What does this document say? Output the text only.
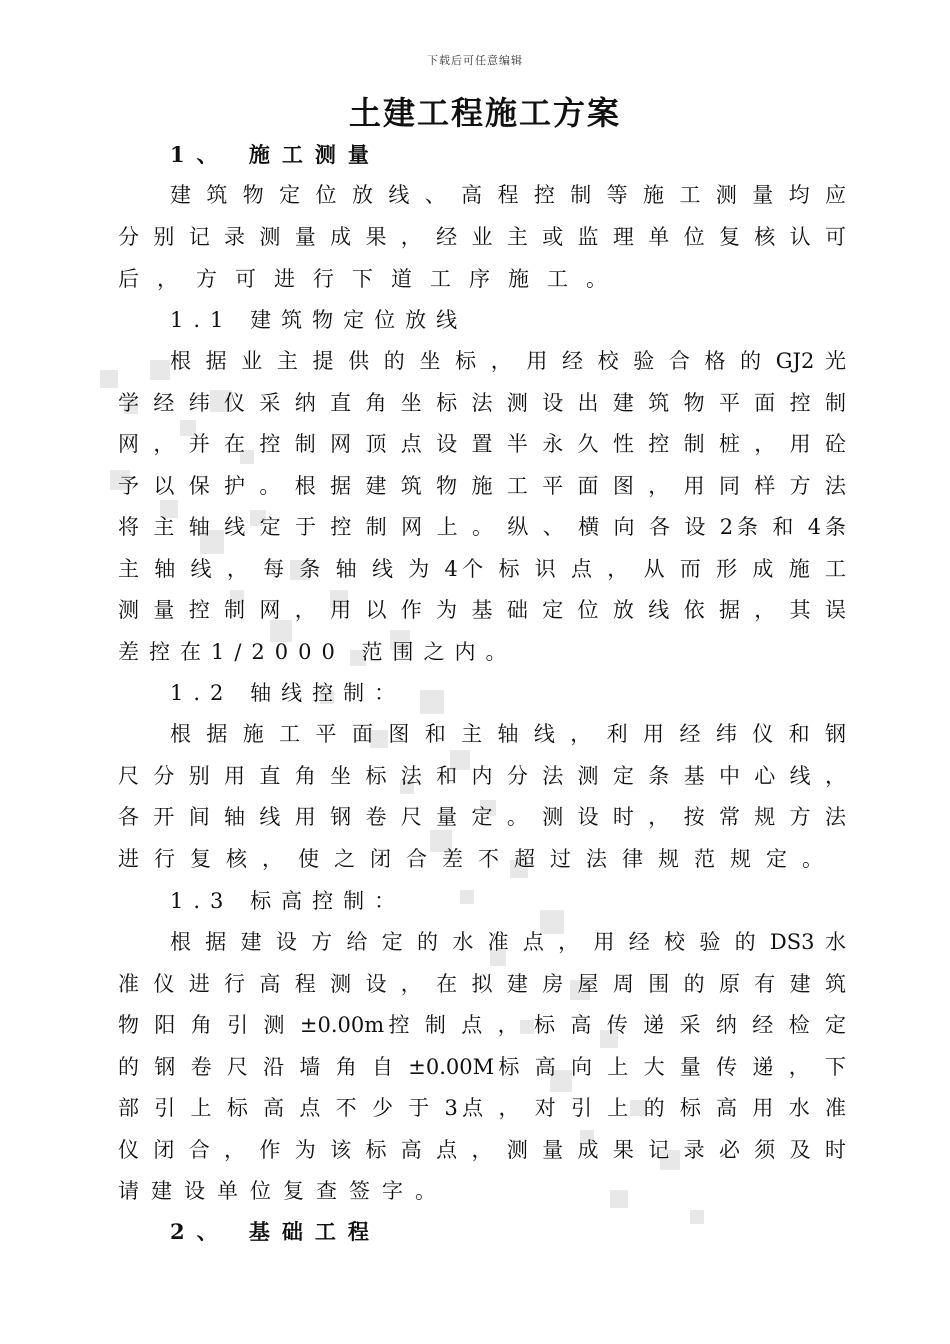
下载后可任意编辑
土建工程施工方案
1、 施工测量
建 筑 物 定 位 放 线 、 高 程 控 制 等 施 工 测 量 均 应
分 别 记 录 测 量 成 果 ， 经 业 主 或 监 理 单 位 复 核 认 可
后，方可进行下道工序施工。
1.1 建筑物定位放线
根 据 业 主 提 供 的 坐 标 ， 用 经 校 验 合 格 的 GJ2 光
学 经 纬 仪 采 纳 直 角 坐 标 法 测 设 出 建 筑 物 平 面 控 制
网 ， 并 在 控 制 网 顶 点 设 置 半 永 久 性 控 制 桩 ， 用 砼
予 以 保 护 。 根 据 建 筑 物 施 工 平 面 图 ， 用 同 样 方 法
将 主 轴 线 定 于 控 制 网 上 。 纵 、 横 向 各 设 2条 和 4条
主 轴 线 ， 每 条 轴 线 为 4个 标 识 点 ， 从 而 形 成 施 工
测 量 控 制 网 ， 用 以 作 为 基 础 定 位 放 线 依 据 ， 其 误
差控在1/2000 范围之内。
1.2 轴线控制：
根 据 施 工 平 面 图 和 主 轴 线 ， 利 用 经 纬 仪 和 钢
尺 分 别 用 直 角 坐 标 法 和 内 分 法 测 定 条 基 中 心 线 ，
各 开 间 轴 线 用 钢 卷 尺 量 定 。 测 设 时 ， 按 常 规 方 法
进行复核，使之闭合差不超过法律规范规定。
1.3 标高控制：
根 据 建 设 方 给 定 的 水 准 点 ， 用 经 校 验 的 DS3 水
准 仪 进 行 高 程 测 设 ， 在 拟 建 房 屋 周 围 的 原 有 建 筑
物 阳 角 引 测 ±0.00m控 制 点 ， 标 高 传 递 采 纳 经 检 定
的 钢 卷 尺 沿 墙 角 自 ±0.00M标 高 向 上 大 量 传 递 ， 下
部 引 上 标 高 点 不 少 于 3点 ， 对 引 上 的 标 高 用 水 准
仪 闭 合 ， 作 为 该 标 高 点 ， 测 量 成 果 记 录 必 须 及 时
请建设单位复查签字。
2、 基础工程
